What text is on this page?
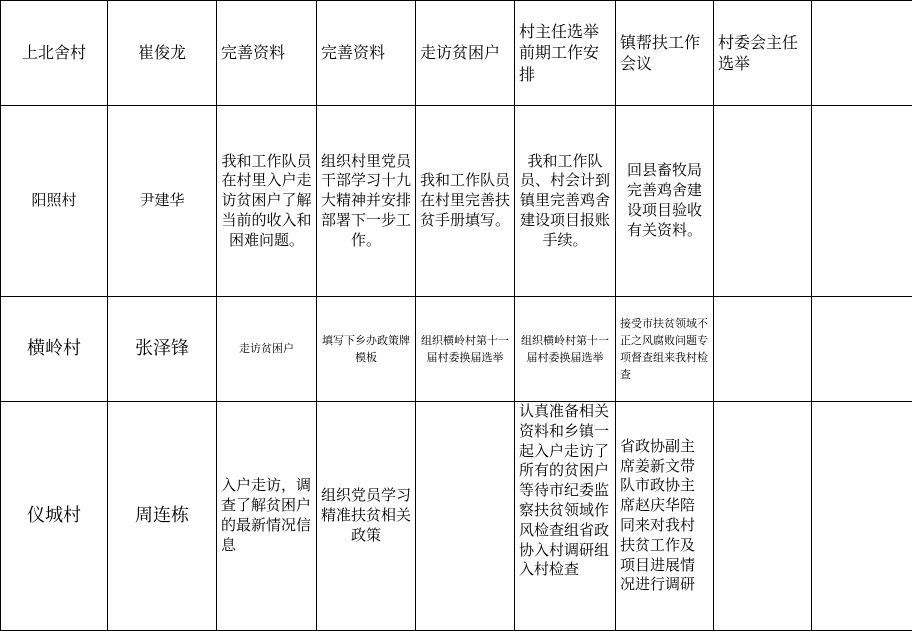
上北舍村	崔俊龙	完善资料	完善资料	走访贫困户	村主任选举前期工作安排	镇帮扶工作会议	村委会主任选举	
阳照村	尹建华	我和工作队员在村里入户走访贫困户了解当前的收入和困难问题。	组织村里党员干部学习十九大精神并安排部署下一步工作。	我和工作队员在村里完善扶贫手册填写。	我和工作队员、村会计到镇里完善鸡舍建设项目报账手续。	回县畜牧局完善鸡舍建设项目验收有关资料。		
横岭村	张泽锋	走访贫困户	填写下乡办政策牌模板	组织横岭村第十一届村委换届选举	组织横岭村第十一届村委换届选举	接受市扶贫领域不正之风腐败问题专项督查组来我村检查		
仪城村	周连栋	入户走访，调查了解贫困户的最新情况信息	组织党员学习精准扶贫相关政策		认真准备相关资料和乡镇一起入户走访了所有的贫困户等待市纪委监察扶贫领域作风检查组省政协入村调研组入村检查	省政协副主席姜新文带队市政协主席赵庆华陪同来对我村扶贫工作及项目进展情况进行调研		
